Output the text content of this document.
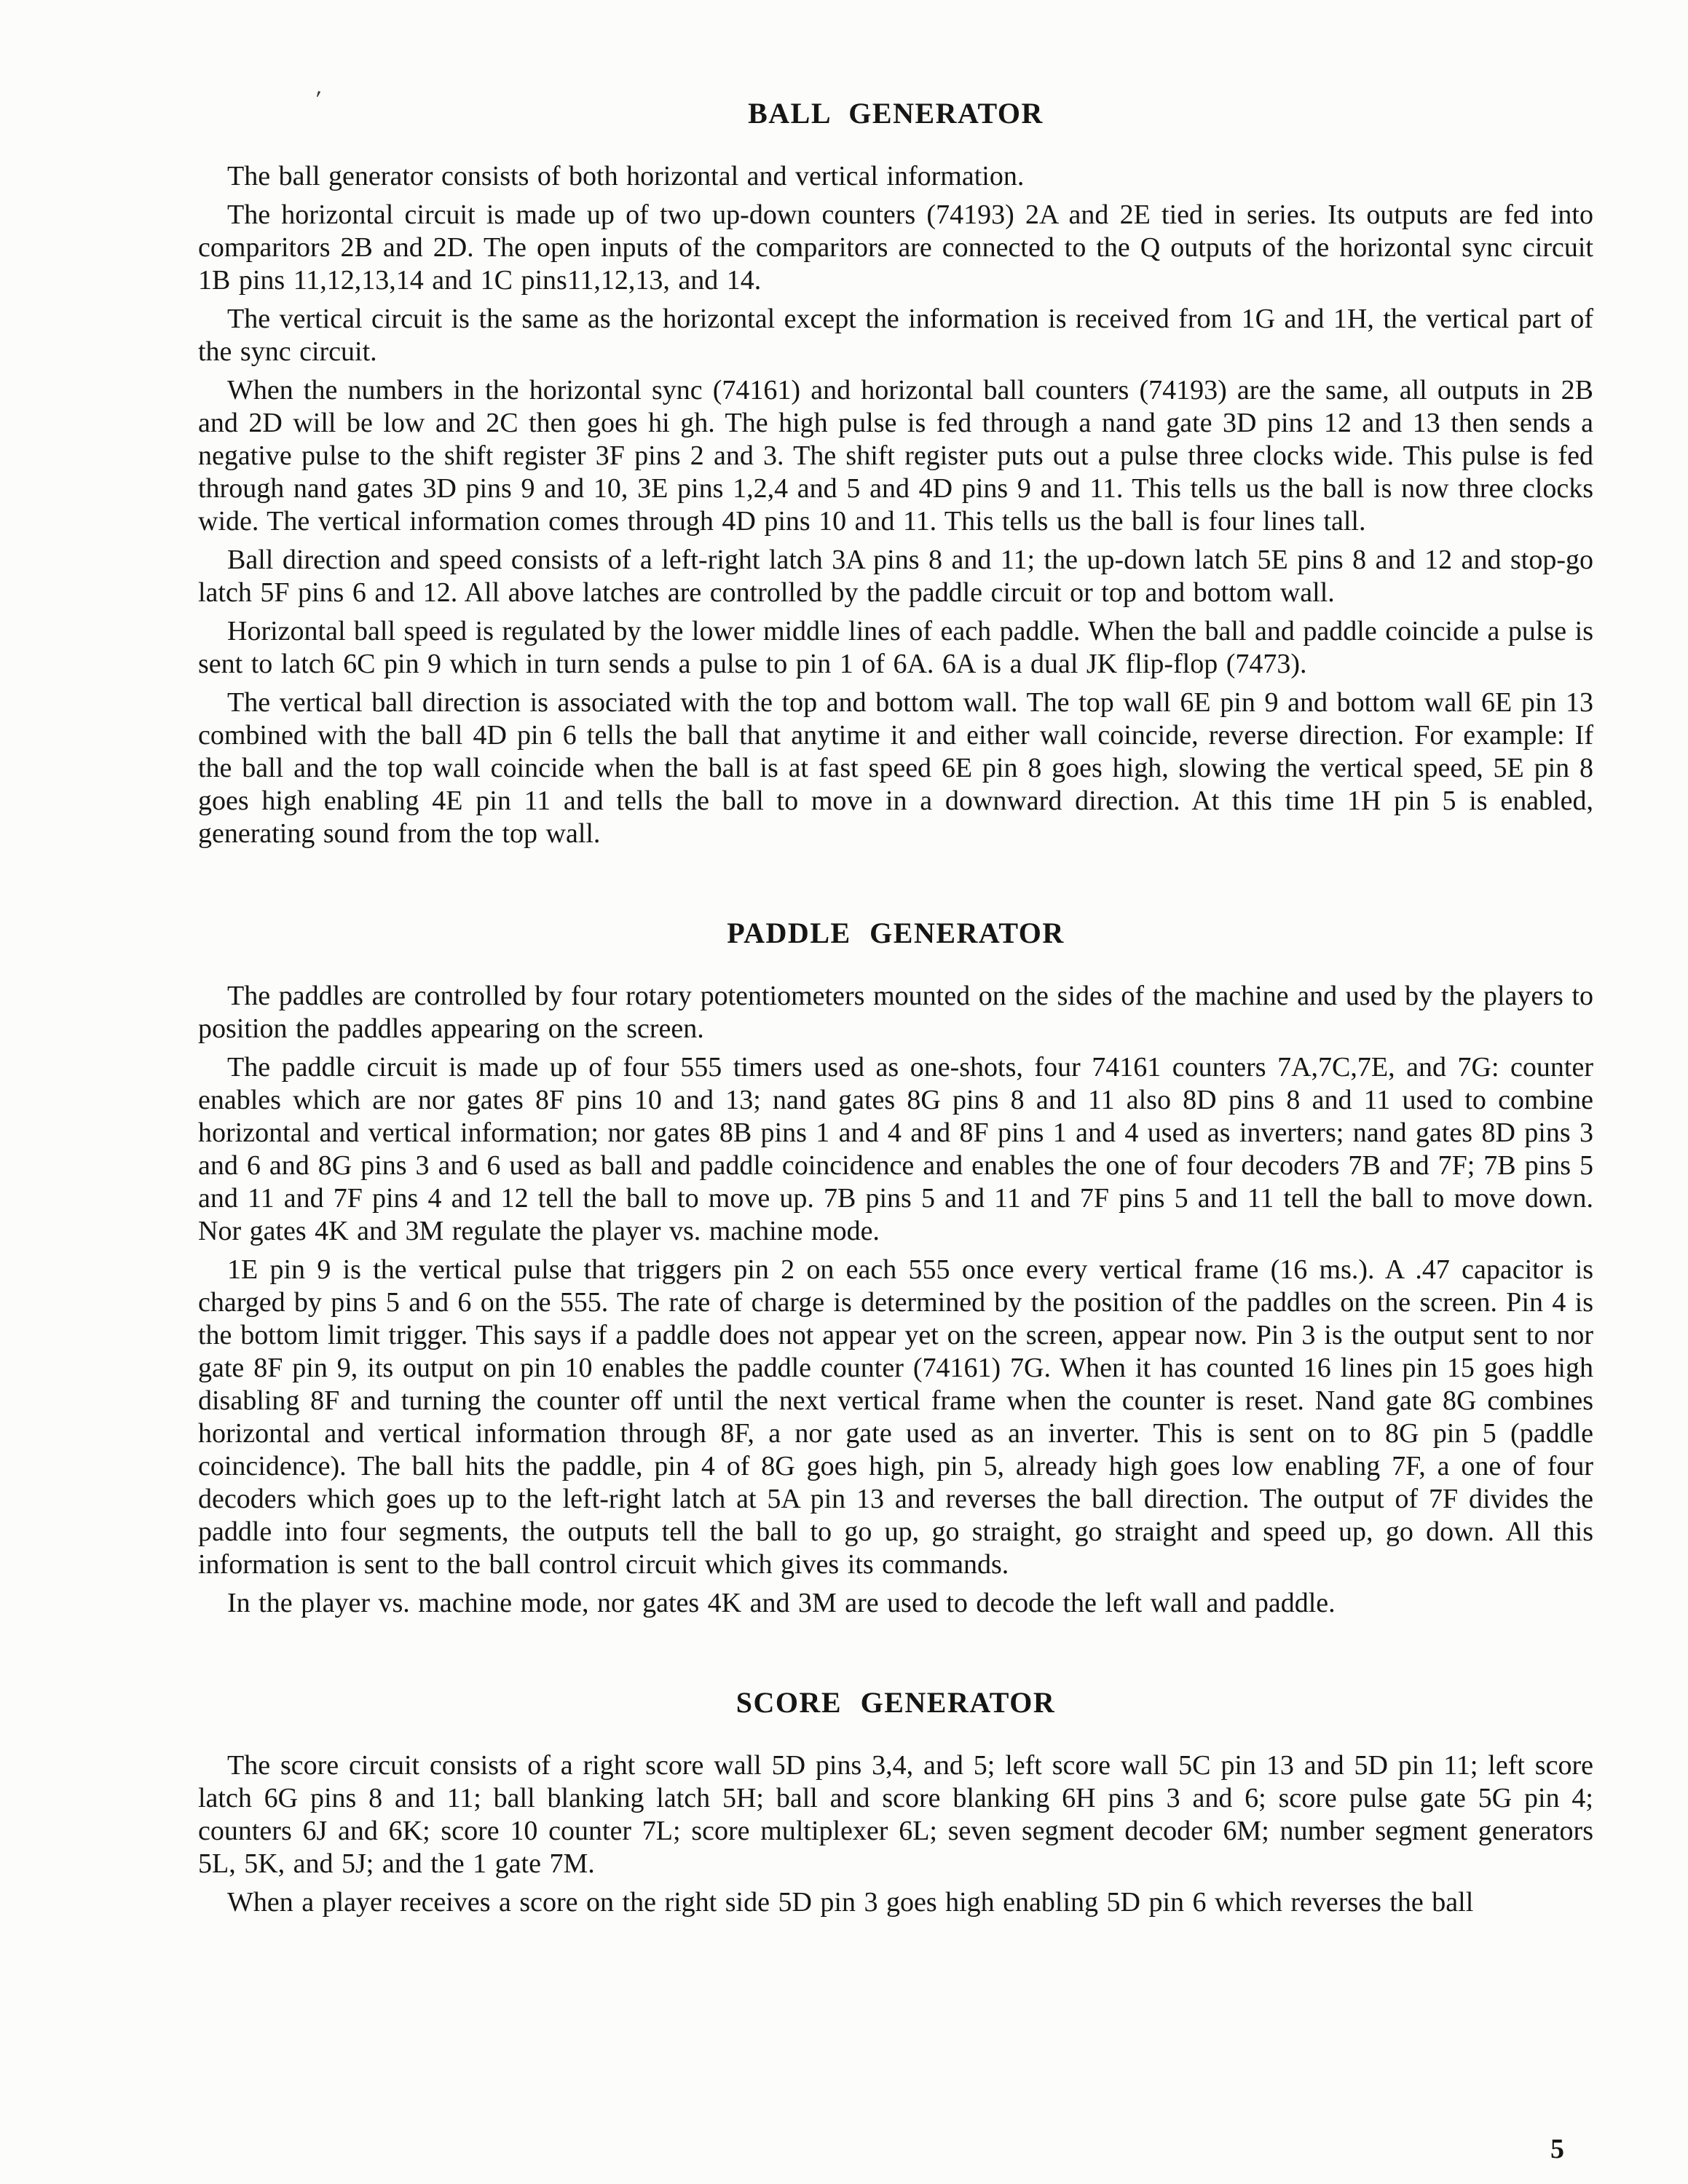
'	BALL GENERATOR

The ball generator consists of both horizontal and vertical information.

The horizontal circuit is made up of two up-down counters (74193) 2A and 2E tied in series. Its outputs are fed into comparitors 2B and 2D. The open inputs of the comparitors are connected to the Q outputs of the horizontal sync circuit 1B pins 11,12,13,14 and 1C pins11,12,13, and 14.

The vertical circuit is the same as the horizontal except the information is received from 1G and 1H, the vertical part of the sync circuit.

When the numbers in the horizontal sync (74161) and horizontal ball counters (74193) are the same, all outputs in 2B and 2D will be low and 2C then goes hi gh. The high pulse is fed through a nand gate 3D pins 12 and 13 then sends a negative pulse to the shift register 3F pins 2 and 3. The shift register puts out a pulse three clocks wide. This pulse is fed through nand gates 3D pins 9 and 10, 3E pins 1,2,4 and 5 and 4D pins 9 and 11. This tells us the ball is now three clocks wide. The vertical information comes through 4D pins 10 and 11. This tells us the ball is four lines tall.

Ball direction and speed consists of a left-right latch 3A pins 8 and 11; the up-down latch 5E pins 8 and 12 and stop-go latch 5F pins 6 and 12. All above latches are controlled by the paddle circuit or top and bottom wall.

Horizontal ball speed is regulated by the lower middle lines of each paddle. When the ball and paddle coincide a pulse is sent to latch 6C pin 9 which in turn sends a pulse to pin 1 of 6A. 6A is a dual JK flip-flop (7473).

The vertical ball direction is associated with the top and bottom wall. The top wall 6E pin 9 and bottom wall 6E pin 13 combined with the ball 4D pin 6 tells the ball that anytime it and either wall coincide, reverse direction. For example: If the ball and the top wall coincide when the ball is at fast speed 6E pin 8 goes high, slowing the vertical speed, 5E pin 8 goes high enabling 4E pin 11 and tells the ball to move in a downward direction. At this time 1H pin 5 is enabled, generating sound from the top wall.

PADDLE GENERATOR

The paddles are controlled by four rotary potentiometers mounted on the sides of the machine and used by the players to position the paddles appearing on the screen.

The paddle circuit is made up of four 555 timers used as one-shots, four 74161 counters 7A,7C,7E, and 7G: counter enables which are nor gates 8F pins 10 and 13; nand gates 8G pins 8 and 11 also 8D pins 8 and 11 used to combine horizontal and vertical information; nor gates 8B pins 1 and 4 and 8F pins 1 and 4 used as inverters; nand gates 8D pins 3 and 6 and 8G pins 3 and 6 used as ball and paddle coincidence and enables the one of four decoders 7B and 7F; 7B pins 5 and 11 and 7F pins 4 and 12 tell the ball to move up. 7B pins 5 and 11 and 7F pins 5 and 11 tell the ball to move down. Nor gates 4K and 3M regulate the player vs. machine mode.

1E pin 9 is the vertical pulse that triggers pin 2 on each 555 once every vertical frame (16 ms.). A .47 capacitor is charged by pins 5 and 6 on the 555. The rate of charge is determined by the position of the paddles on the screen. Pin 4 is the bottom limit trigger. This says if a paddle does not appear yet on the screen, appear now. Pin 3 is the output sent to nor gate 8F pin 9, its output on pin 10 enables the paddle counter (74161) 7G. When it has counted 16 lines pin 15 goes high disabling 8F and turning the counter off until the next vertical frame when the counter is reset. Nand gate 8G combines horizontal and vertical information through 8F, a nor gate used as an inverter. This is sent on to 8G pin 5 (paddle coincidence). The ball hits the paddle, pin 4 of 8G goes high, pin 5, already high goes low enabling 7F, a one of four decoders which goes up to the left-right latch at 5A pin 13 and reverses the ball direction. The output of 7F divides the paddle into four segments, the outputs tell the ball to go up, go straight, go straight and speed up, go down. All this information is sent to the ball control circuit which gives its commands.

In the player vs. machine mode, nor gates 4K and 3M are used to decode the left wall and paddle.

SCORE GENERATOR

The score circuit consists of a right score wall 5D pins 3,4, and 5; left score wall 5C pin 13 and 5D pin 11; left score latch 6G pins 8 and 11; ball blanking latch 5H; ball and score blanking 6H pins 3 and 6; score pulse gate 5G pin 4; counters 6J and 6K; score 10 counter 7L; score multiplexer 6L; seven segment decoder 6M; number segment generators 5L, 5K, and 5J; and the 1 gate 7M.

When a player receives a score on the right side 5D pin 3 goes high enabling 5D pin 6 which reverses the ball

5
